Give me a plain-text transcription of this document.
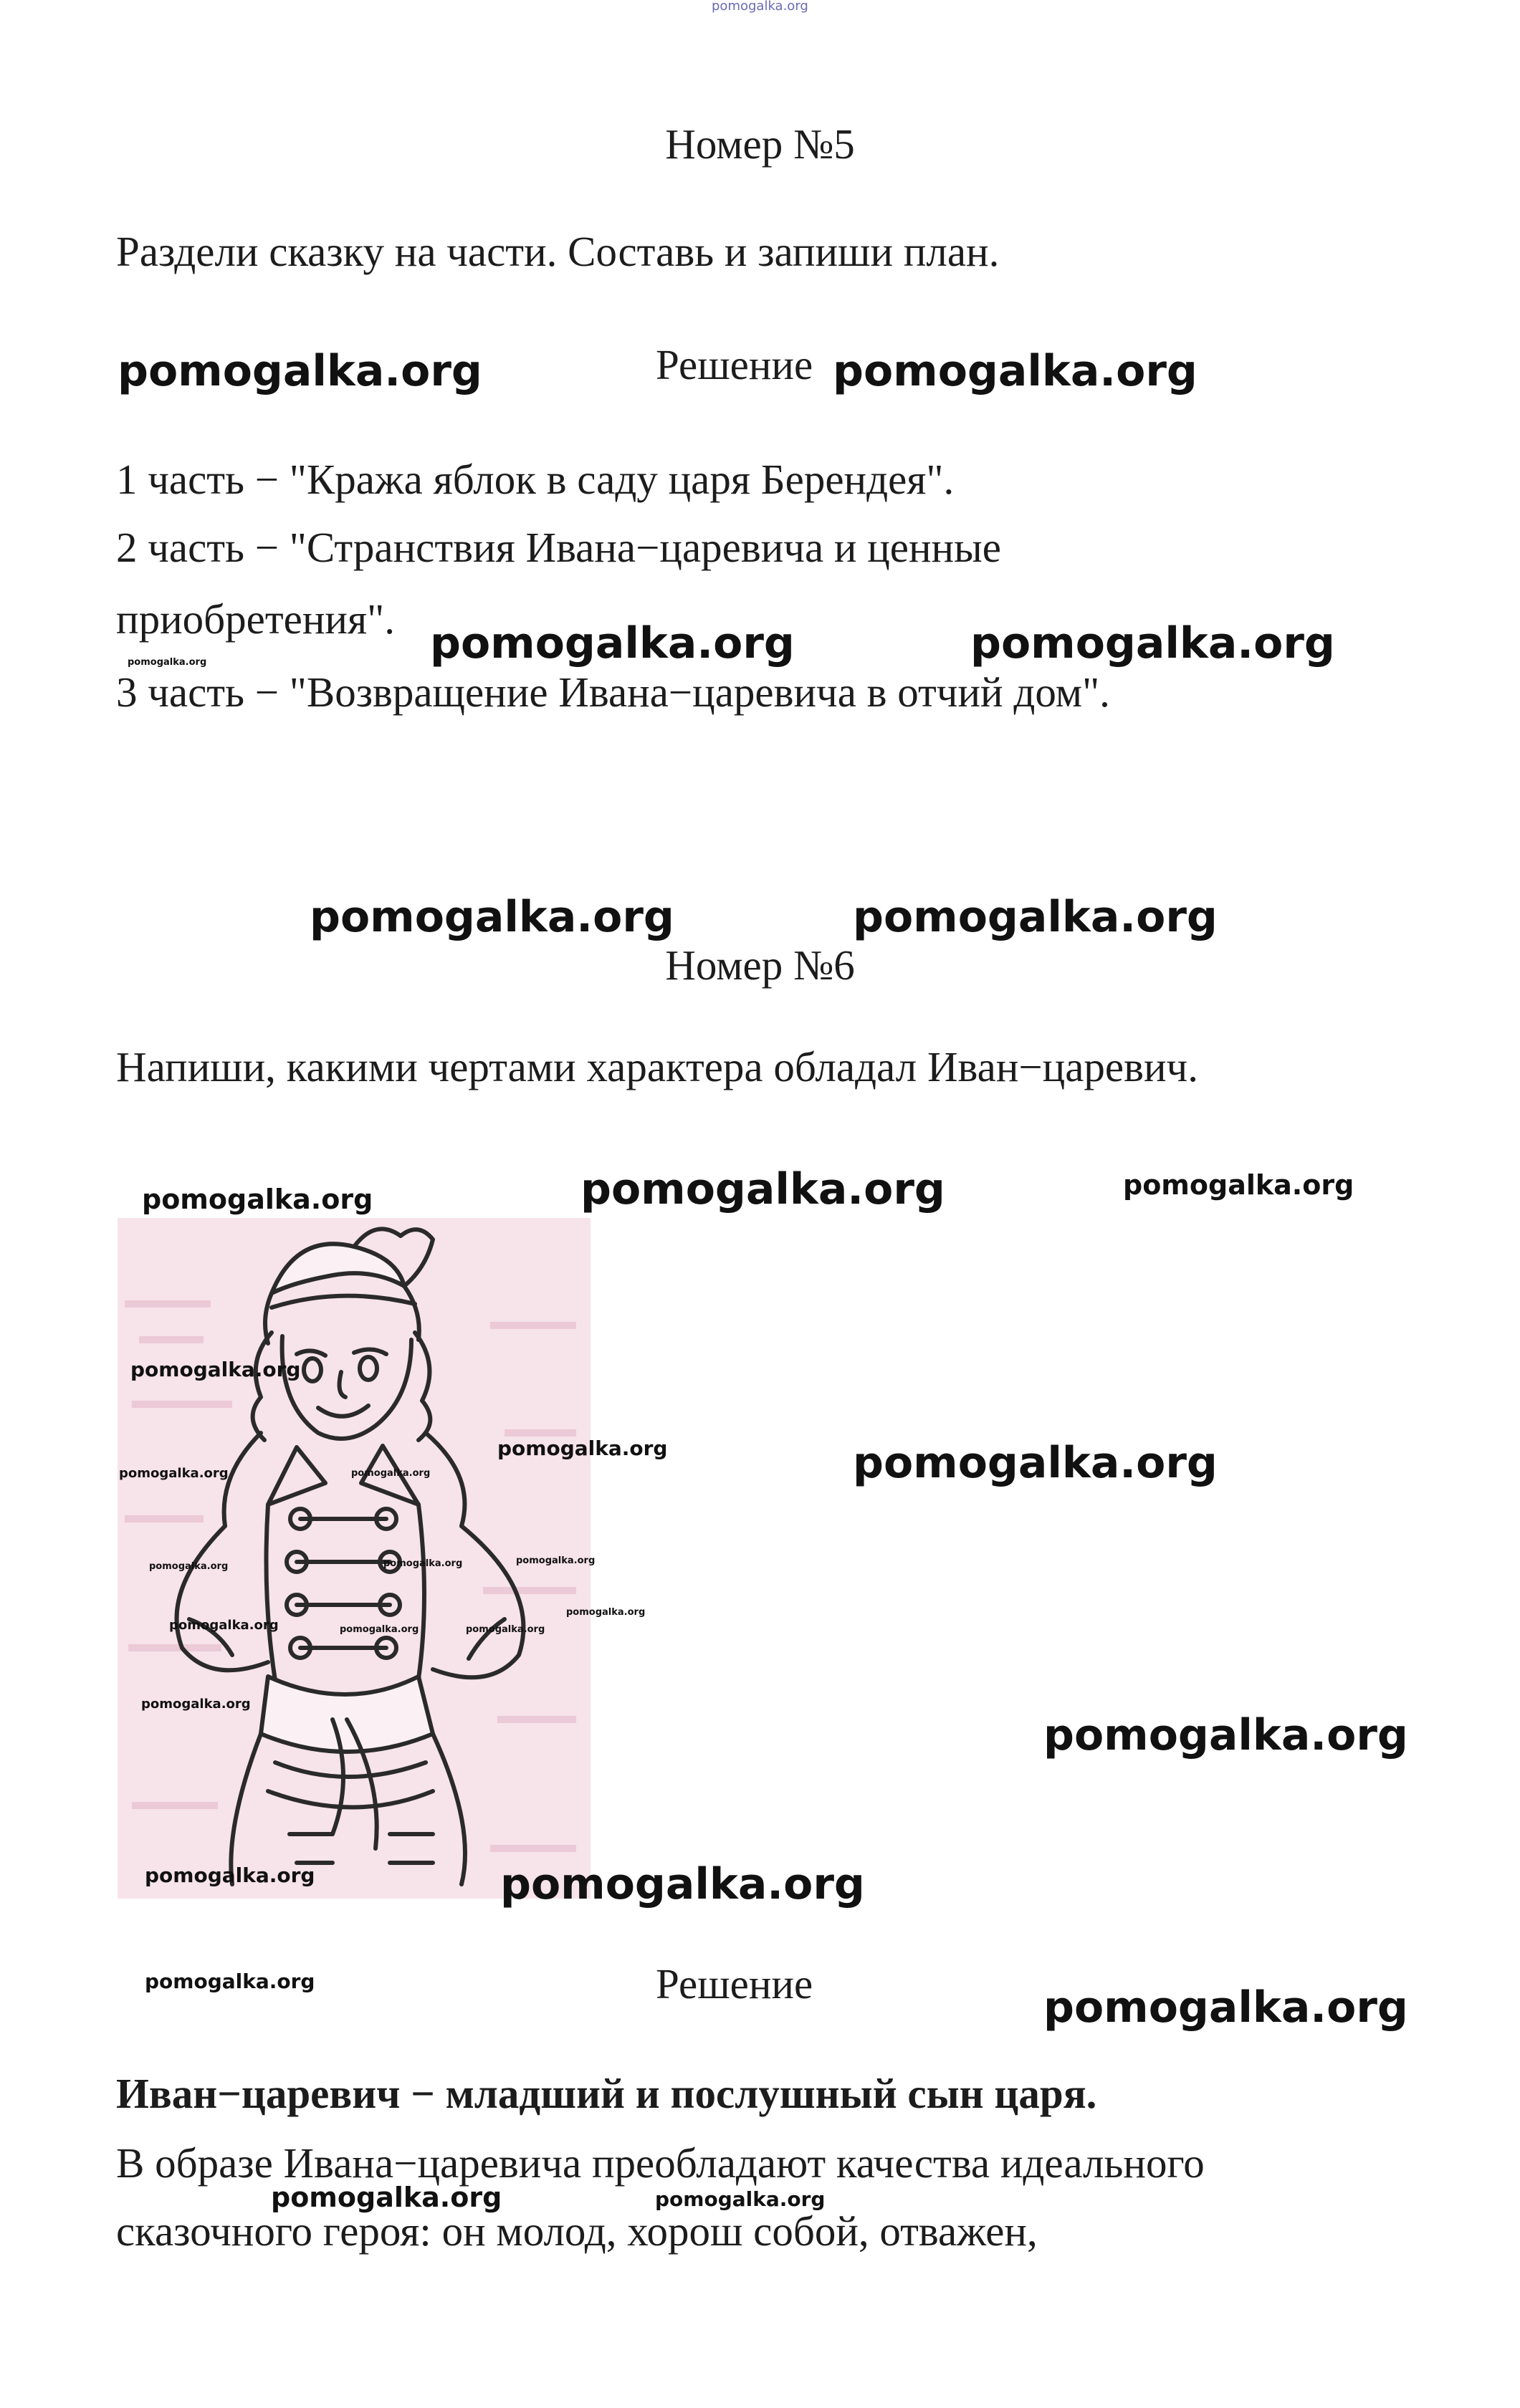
pomogalka.org
Номер №5

Раздели сказку на части. Составь и запиши план.

pomogalka.org	Решение pomogalka.org

1 часть − "Кража яблок в саду царя Берендея".

2 часть − "Странствия Ивана−царевича и ценные

приобретения".

pomogalka.org	pomogalka.org	pomogalka.org

3 часть − "Возвращение Ивана−царевича в отчий дом".

pomogalka.org	pomogalka.org
Номер №6

Напиши, какими чертами характера обладал Иван−царевич.

pomogalka.org	pomogalka.org	pomogalka.org
pomogalka.org
pomogalka.org	pomogalka.org
pomogalka.org	pomogalka.org
pomogalka.org	pomogalka.org	pomogalka.org
pomogalka.org
pomogalka.org	pomogalka.org	pomogalka.org
pomogalka.org
pomogalka.org
pomogalka.org	pomogalka.org
pomogalka.org	Решение	pomogalka.org

Иван−царевич − младший и послушный сын царя.

В образе Ивана−царевича преобладают качества идеального

pomogalka.org	pomogalka.org

сказочного героя: он молод, хорош собой, отважен,
